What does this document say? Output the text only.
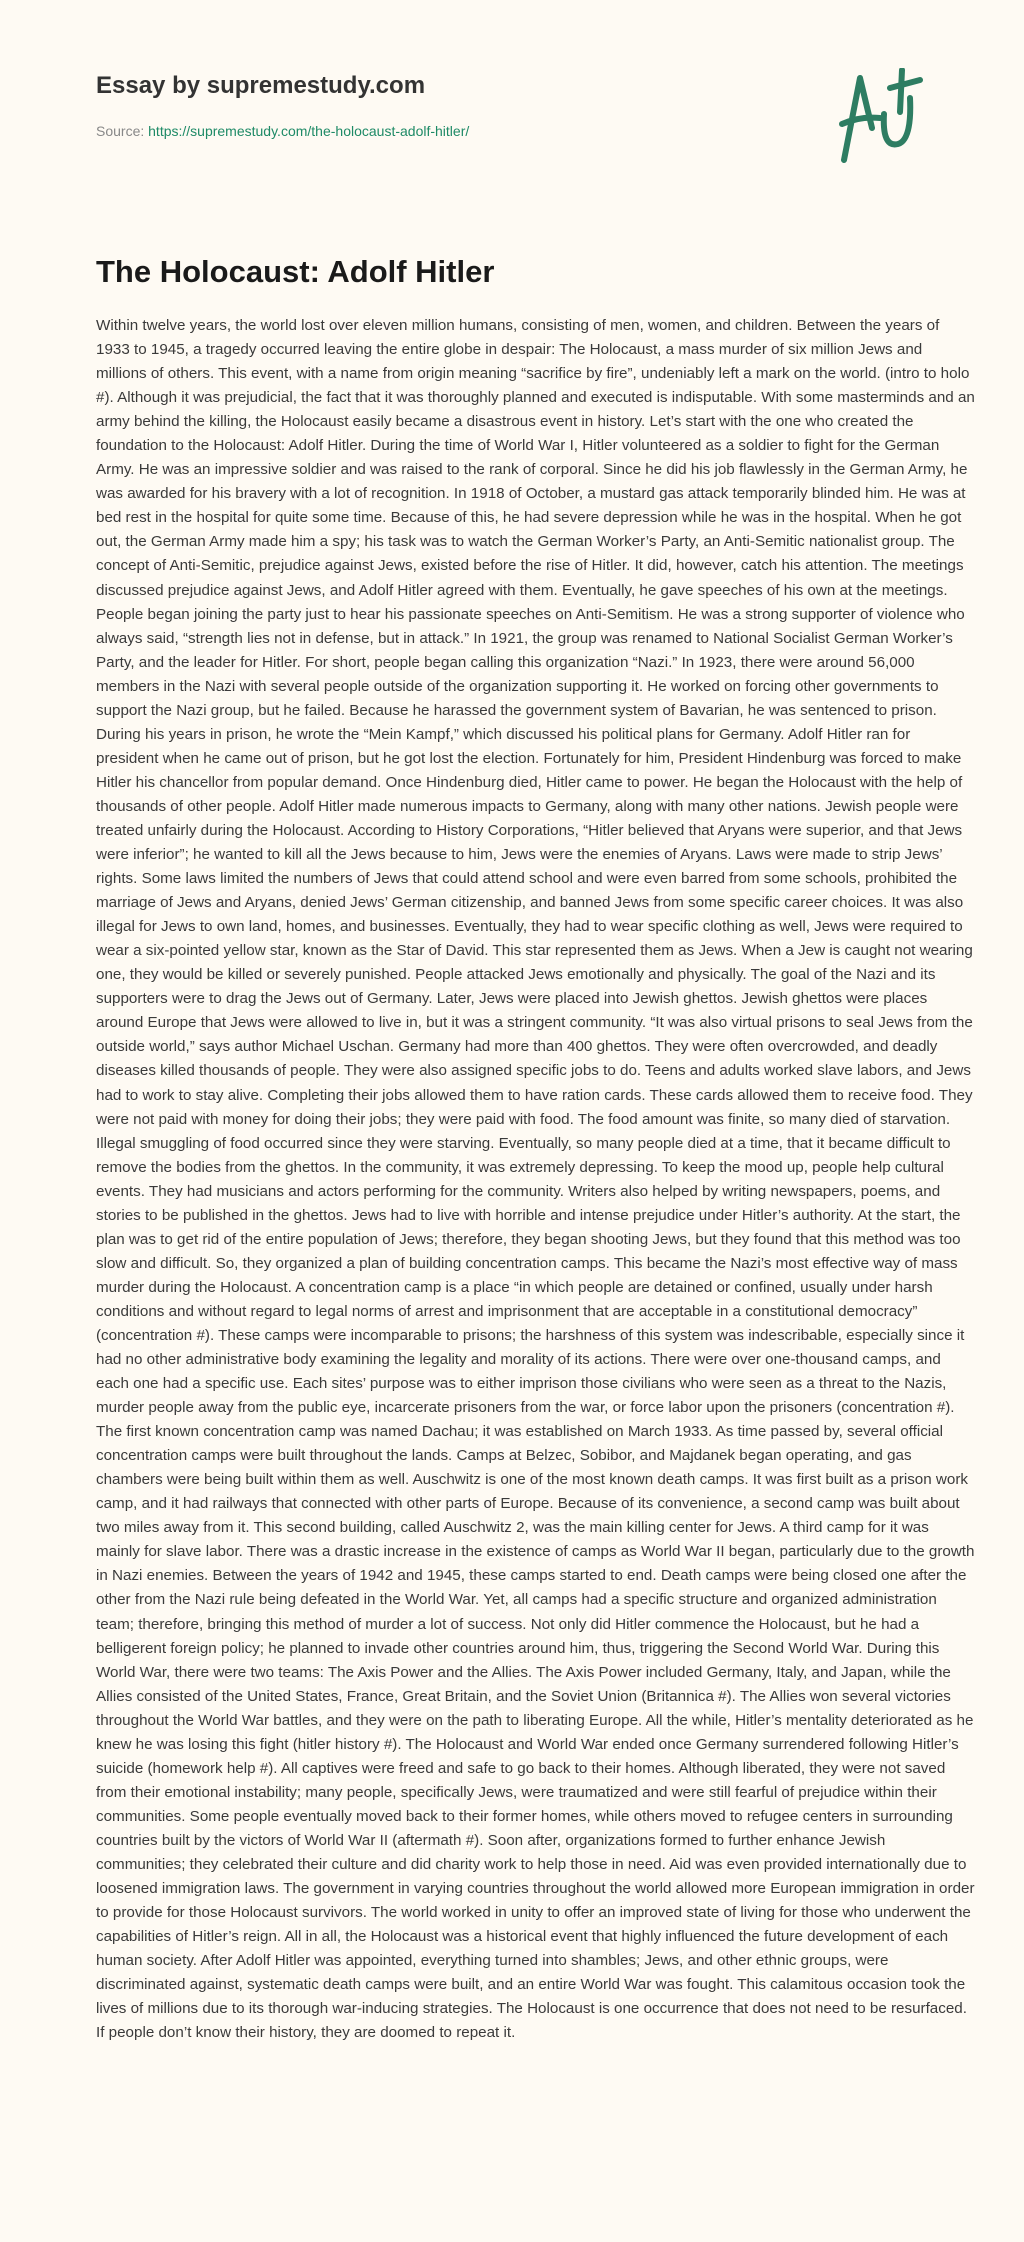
Essay by supremestudy.com
Source: https://supremestudy.com/the-holocaust-adolf-hitler/
The Holocaust: Adolf Hitler

Within twelve years, the world lost over eleven million humans, consisting of men, women, and children. Between the years of 1933 to 1945, a tragedy occurred leaving the entire globe in despair: The Holocaust, a mass murder of six million Jews and millions of others. This event, with a name from origin meaning “sacrifice by fire”, undeniably left a mark on the world. (intro to holo #). Although it was prejudicial, the fact that it was thoroughly planned and executed is indisputable. With some masterminds and an army behind the killing, the Holocaust easily became a disastrous event in history. Let’s start with the one who created the foundation to the Holocaust: Adolf Hitler. During the time of World War I, Hitler volunteered as a soldier to fight for the German Army. He was an impressive soldier and was raised to the rank of corporal. Since he did his job flawlessly in the German Army, he was awarded for his bravery with a lot of recognition. In 1918 of October, a mustard gas attack temporarily blinded him. He was at bed rest in the hospital for quite some time. Because of this, he had severe depression while he was in the hospital. When he got out, the German Army made him a spy; his task was to watch the German Worker’s Party, an Anti-Semitic nationalist group. The concept of Anti-Semitic, prejudice against Jews, existed before the rise of Hitler. It did, however, catch his attention. The meetings discussed prejudice against Jews, and Adolf Hitler agreed with them. Eventually, he gave speeches of his own at the meetings. People began joining the party just to hear his passionate speeches on Anti-Semitism. He was a strong supporter of violence who always said, “strength lies not in defense, but in attack.” In 1921, the group was renamed to National Socialist German Worker’s Party, and the leader for Hitler. For short, people began calling this organization “Nazi.” In 1923, there were around 56,000 members in the Nazi with several people outside of the organization supporting it. He worked on forcing other governments to support the Nazi group, but he failed. Because he harassed the government system of Bavarian, he was sentenced to prison. During his years in prison, he wrote the “Mein Kampf,” which discussed his political plans for Germany. Adolf Hitler ran for president when he came out of prison, but he got lost the election. Fortunately for him, President Hindenburg was forced to make Hitler his chancellor from popular demand. Once Hindenburg died, Hitler came to power. He began the Holocaust with the help of thousands of other people. Adolf Hitler made numerous impacts to Germany, along with many other nations. Jewish people were treated unfairly during the Holocaust. According to History Corporations, “Hitler believed that Aryans were superior, and that Jews were inferior”; he wanted to kill all the Jews because to him, Jews were the enemies of Aryans. Laws were made to strip Jews’ rights. Some laws limited the numbers of Jews that could attend school and were even barred from some schools, prohibited the marriage of Jews and Aryans, denied Jews’ German citizenship, and banned Jews from some specific career choices. It was also illegal for Jews to own land, homes, and businesses. Eventually, they had to wear specific clothing as well, Jews were required to wear a six-pointed yellow star, known as the Star of David. This star represented them as Jews. When a Jew is caught not wearing one, they would be killed or severely punished. People attacked Jews emotionally and physically. The goal of the Nazi and its supporters were to drag the Jews out of Germany. Later, Jews were placed into Jewish ghettos. Jewish ghettos were places around Europe that Jews were allowed to live in, but it was a stringent community. “It was also virtual prisons to seal Jews from the outside world,” says author Michael Uschan. Germany had more than 400 ghettos. They were often overcrowded, and deadly diseases killed thousands of people. They were also assigned specific jobs to do. Teens and adults worked slave labors, and Jews had to work to stay alive. Completing their jobs allowed them to have ration cards. These cards allowed them to receive food. They were not paid with money for doing their jobs; they were paid with food. The food amount was finite, so many died of starvation. Illegal smuggling of food occurred since they were starving. Eventually, so many people died at a time, that it became difficult to remove the bodies from the ghettos. In the community, it was extremely depressing. To keep the mood up, people help cultural events. They had musicians and actors performing for the community. Writers also helped by writing newspapers, poems, and stories to be published in the ghettos. Jews had to live with horrible and intense prejudice under Hitler’s authority. At the start, the plan was to get rid of the entire population of Jews; therefore, they began shooting Jews, but they found that this method was too slow and difficult. So, they organized a plan of building concentration camps. This became the Nazi’s most effective way of mass murder during the Holocaust. A concentration camp is a place “in which people are detained or confined, usually under harsh conditions and without regard to legal norms of arrest and imprisonment that are acceptable in a constitutional democracy” (concentration #). These camps were incomparable to prisons; the harshness of this system was indescribable, especially since it had no other administrative body examining the legality and morality of its actions. There were over one-thousand camps, and each one had a specific use. Each sites’ purpose was to either imprison those civilians who were seen as a threat to the Nazis, murder people away from the public eye, incarcerate prisoners from the war, or force labor upon the prisoners (concentration #). The first known concentration camp was named Dachau; it was established on March 1933. As time passed by, several official concentration camps were built throughout the lands. Camps at Belzec, Sobibor, and Majdanek began operating, and gas chambers were being built within them as well. Auschwitz is one of the most known death camps. It was first built as a prison work camp, and it had railways that connected with other parts of Europe. Because of its convenience, a second camp was built about two miles away from it. This second building, called Auschwitz 2, was the main killing center for Jews. A third camp for it was mainly for slave labor. There was a drastic increase in the existence of camps as World War II began, particularly due to the growth in Nazi enemies. Between the years of 1942 and 1945, these camps started to end. Death camps were being closed one after the other from the Nazi rule being defeated in the World War. Yet, all camps had a specific structure and organized administration team; therefore, bringing this method of murder a lot of success. Not only did Hitler commence the Holocaust, but he had a belligerent foreign policy; he planned to invade other countries around him, thus, triggering the Second World War. During this World War, there were two teams: The Axis Power and the Allies. The Axis Power included Germany, Italy, and Japan, while the Allies consisted of the United States, France, Great Britain, and the Soviet Union (Britannica #). The Allies won several victories throughout the World War battles, and they were on the path to liberating Europe. All the while, Hitler’s mentality deteriorated as he knew he was losing this fight (hitler history #). The Holocaust and World War ended once Germany surrendered following Hitler’s suicide (homework help #). All captives were freed and safe to go back to their homes. Although liberated, they were not saved from their emotional instability; many people, specifically Jews, were traumatized and were still fearful of prejudice within their communities. Some people eventually moved back to their former homes, while others moved to refugee centers in surrounding countries built by the victors of World War II (aftermath #). Soon after, organizations formed to further enhance Jewish communities; they celebrated their culture and did charity work to help those in need. Aid was even provided internationally due to loosened immigration laws. The government in varying countries throughout the world allowed more European immigration in order to provide for those Holocaust survivors. The world worked in unity to offer an improved state of living for those who underwent the capabilities of Hitler’s reign. All in all, the Holocaust was a historical event that highly influenced the future development of each human society. After Adolf Hitler was appointed, everything turned into shambles; Jews, and other ethnic groups, were discriminated against, systematic death camps were built, and an entire World War was fought. This calamitous occasion took the lives of millions due to its thorough war-inducing strategies. The Holocaust is one occurrence that does not need to be resurfaced. If people don’t know their history, they are doomed to repeat it.
